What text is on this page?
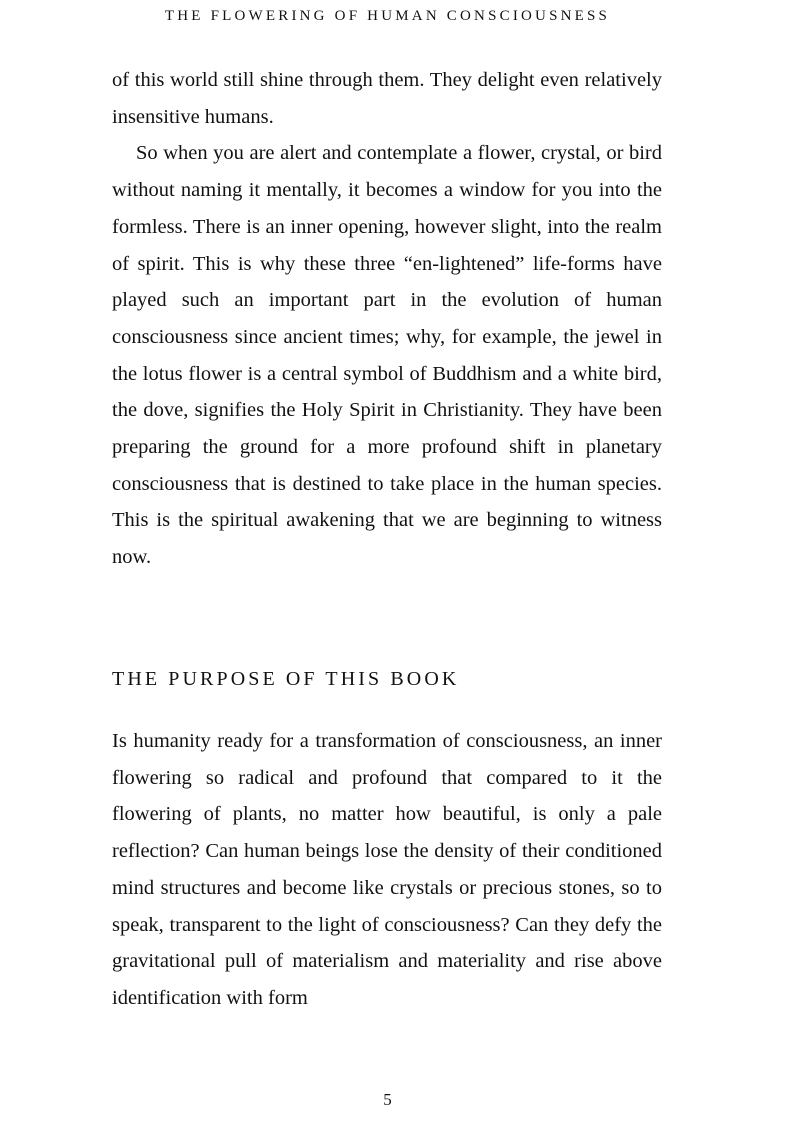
THE FLOWERING OF HUMAN CONSCIOUSNESS

of this world still shine through them. They delight even relatively insensitive humans.

So when you are alert and contemplate a flower, crystal, or bird without naming it mentally, it becomes a window for you into the formless. There is an inner opening, however slight, into the realm of spirit. This is why these three “en-lightened” life-forms have played such an important part in the evolution of human consciousness since ancient times; why, for example, the jewel in the lotus flower is a central symbol of Buddhism and a white bird, the dove, signifies the Holy Spirit in Christianity. They have been preparing the ground for a more profound shift in planetary consciousness that is destined to take place in the human species. This is the spiritual awakening that we are beginning to witness now.

THE PURPOSE OF THIS BOOK

Is humanity ready for a transformation of consciousness, an inner flowering so radical and profound that compared to it the flowering of plants, no matter how beautiful, is only a pale reflection? Can human beings lose the density of their conditioned mind structures and become like crystals or precious stones, so to speak, transparent to the light of consciousness? Can they defy the gravitational pull of materialism and materiality and rise above identification with form

5
